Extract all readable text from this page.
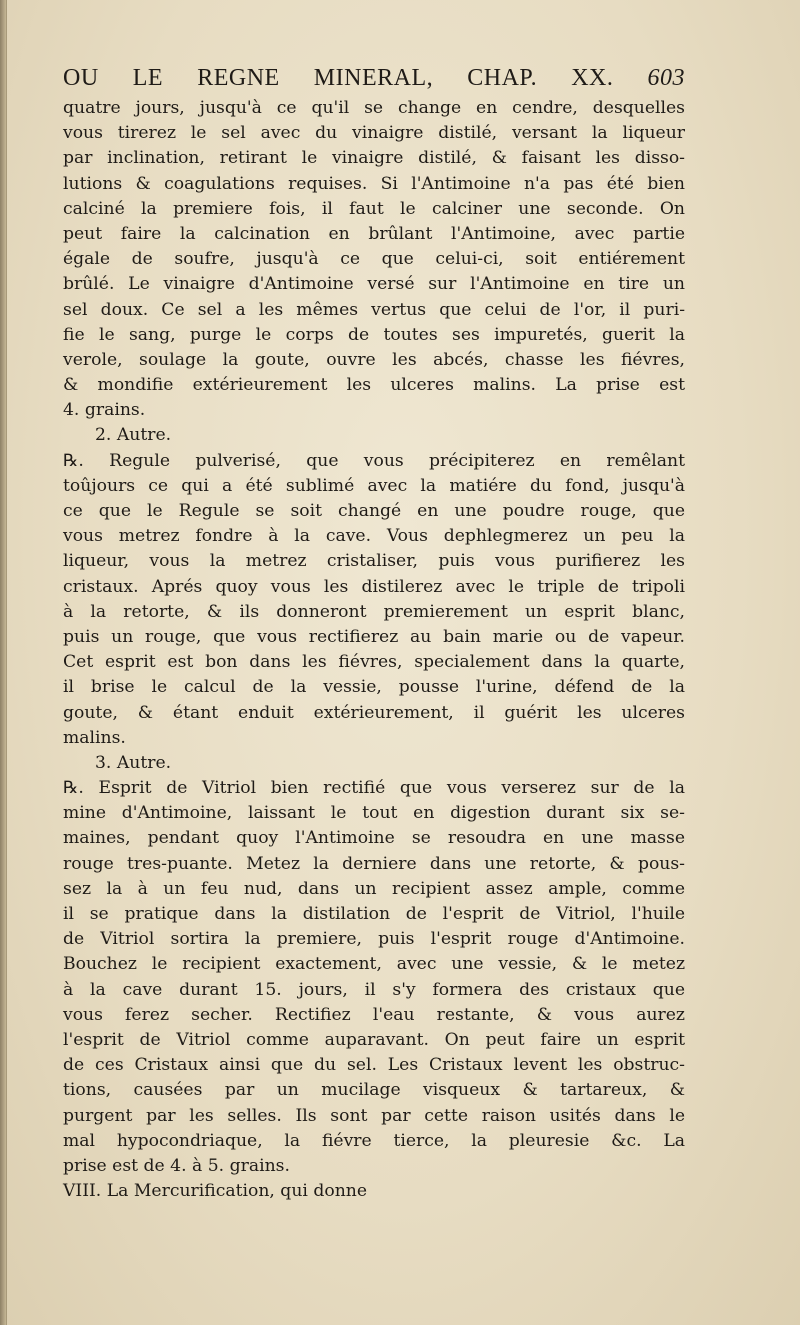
OU LE REGNE MINERAL, CHAP. XX. 603
quatre jours, jusqu'à ce qu'il se change en cendre, desquelles
vous tirerez le sel avec du vinaigre distilé, versant la liqueur
par inclination, retirant le vinaigre distilé, & faisant les disso-
lutions & coagulations requises. Si l'Antimoine n'a pas été bien
calciné la premiere fois, il faut le calciner une seconde. On
peut faire la calcination en brûlant l'Antimoine, avec partie
égale de soufre, jusqu'à ce que celui-ci, soit entiérement
brûlé. Le vinaigre d'Antimoine versé sur l'Antimoine en tire un
sel doux. Ce sel a les mêmes vertus que celui de l'or, il puri-
fie le sang, purge le corps de toutes ses impuretés, guerit la
verole, soulage la goute, ouvre les abcés, chasse les fiévres,
& mondifie extérieurement les ulceres malins. La prise est
4. grains.
2. Autre.
℞. Regule pulverisé, que vous précipiterez en remêlant
toûjours ce qui a été sublimé avec la matiére du fond, jusqu'à
ce que le Regule se soit changé en une poudre rouge, que
vous metrez fondre à la cave. Vous dephlegmerez un peu la
liqueur, vous la metrez cristaliser, puis vous purifierez les
cristaux. Aprés quoy vous les distilerez avec le triple de tripoli
à la retorte, & ils donneront premierement un esprit blanc,
puis un rouge, que vous rectifierez au bain marie ou de vapeur.
Cet esprit est bon dans les fiévres, specialement dans la quarte,
il brise le calcul de la vessie, pousse l'urine, défend de la
goute, & étant enduit extérieurement, il guérit les ulceres
malins.
3. Autre.
℞. Esprit de Vitriol bien rectifié que vous verserez sur de la
mine d'Antimoine, laissant le tout en digestion durant six se-
maines, pendant quoy l'Antimoine se resoudra en une masse
rouge tres-puante. Metez la derniere dans une retorte, & pous-
sez la à un feu nud, dans un recipient assez ample, comme
il se pratique dans la distilation de l'esprit de Vitriol, l'huile
de Vitriol sortira la premiere, puis l'esprit rouge d'Antimoine.
Bouchez le recipient exactement, avec une vessie, & le metez
à la cave durant 15. jours, il s'y formera des cristaux que
vous ferez secher. Rectifiez l'eau restante, & vous aurez
l'esprit de Vitriol comme auparavant. On peut faire un esprit
de ces Cristaux ainsi que du sel. Les Cristaux levent les obstruc-
tions, causées par un mucilage visqueux & tartareux, &
purgent par les selles. Ils sont par cette raison usités dans le
mal hypocondriaque, la fiévre tierce, la pleuresie &c. La
prise est de 4. à 5. grains.
VIII. La Mercurification, qui donne
